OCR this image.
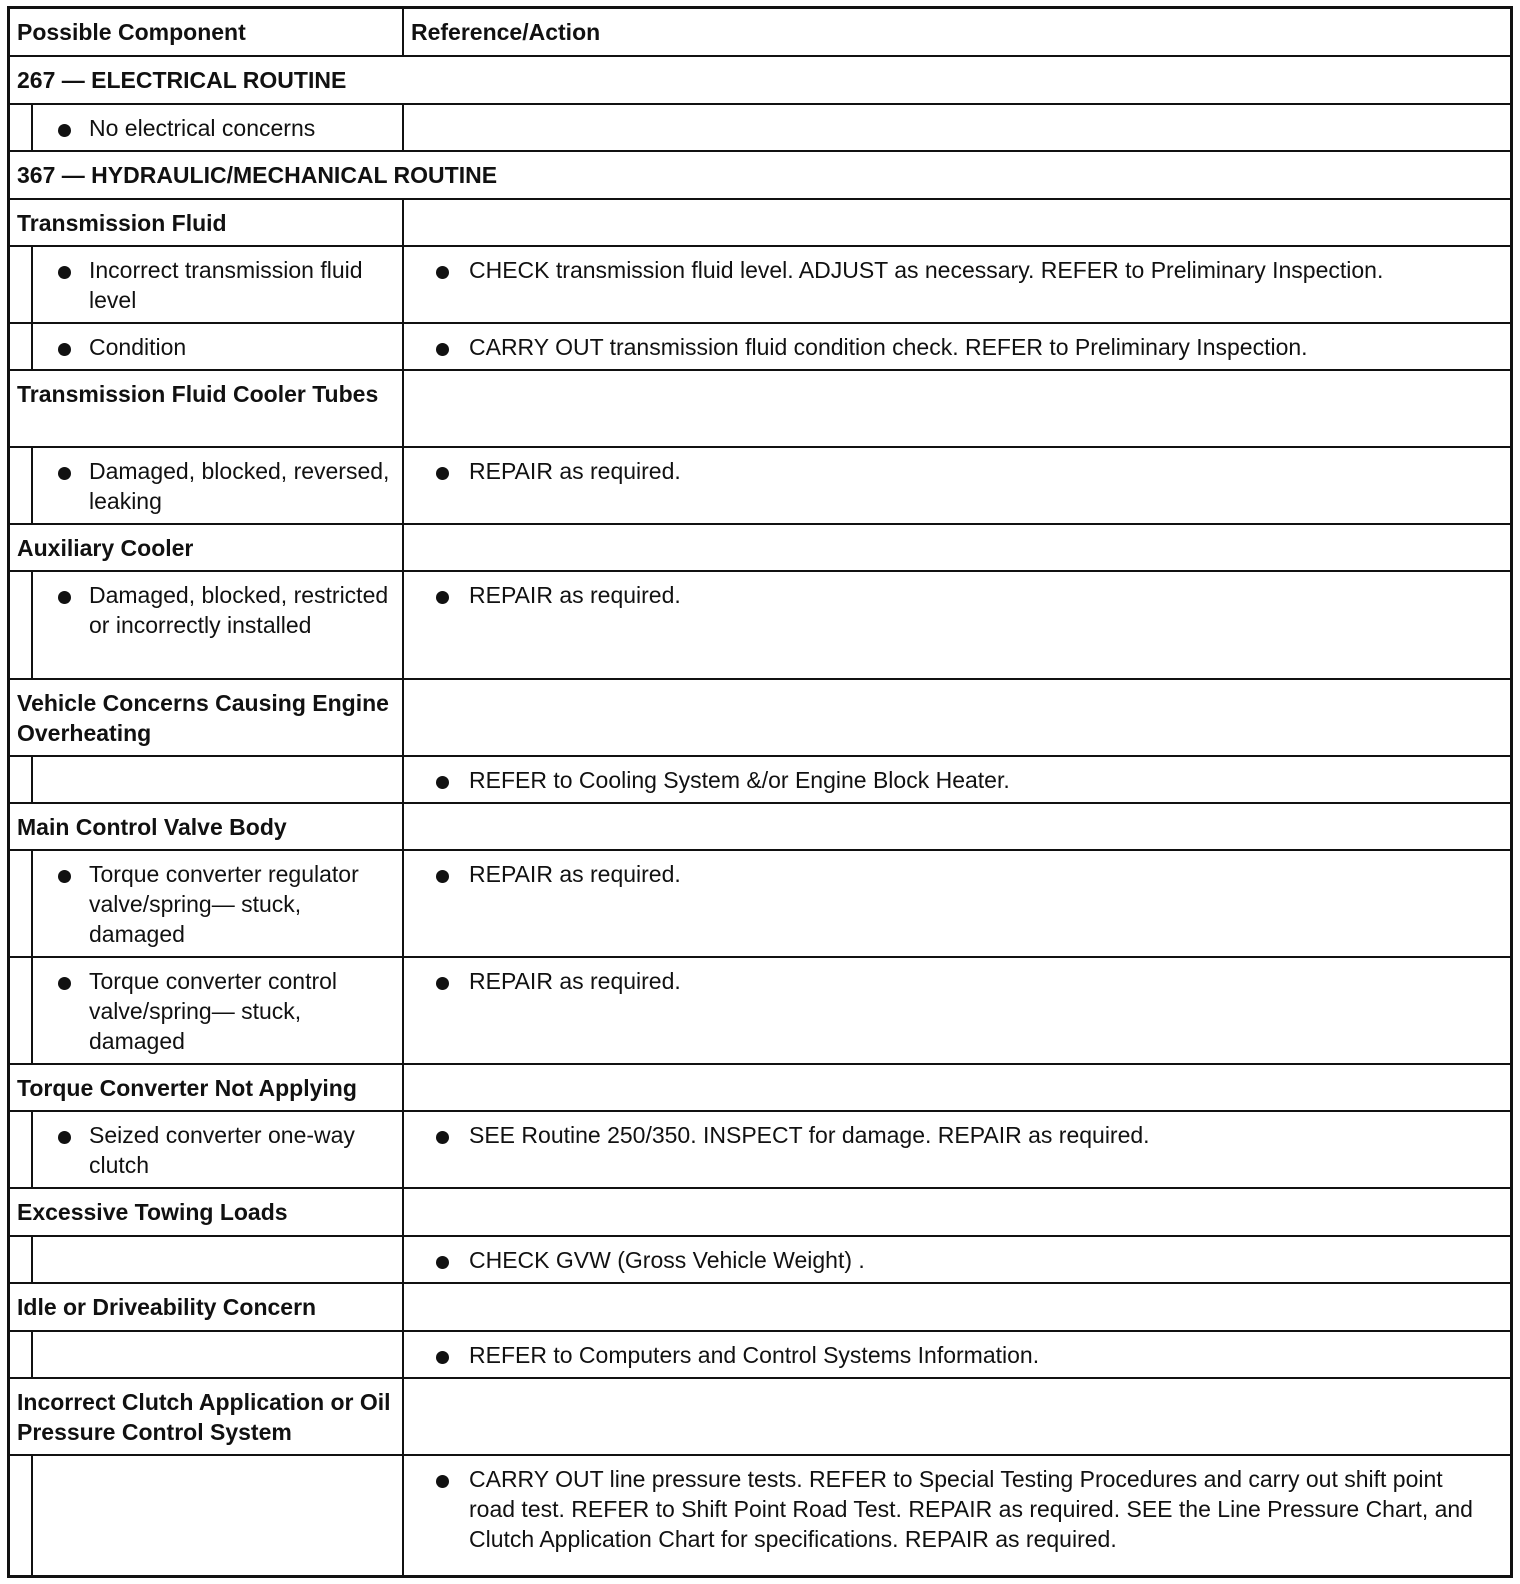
Possible Component	Reference/Action
267 — ELECTRICAL ROUTINE
No electrical concerns
367 — HYDRAULIC/MECHANICAL ROUTINE
Transmission Fluid
Incorrect transmission fluid level
CHECK transmission fluid level. ADJUST as necessary. REFER to Preliminary Inspection.
Condition	CARRY OUT transmission fluid condition check. REFER to Preliminary Inspection.
Transmission Fluid Cooler Tubes
Damaged, blocked, reversed, leaking
REPAIR as required.
Auxiliary Cooler
Damaged, blocked, restricted or incorrectly installed
REPAIR as required.
Vehicle Concerns Causing Engine Overheating
REFER to Cooling System &/or Engine Block Heater.
Main Control Valve Body
Torque converter regulator valve/spring— stuck, damaged
REPAIR as required.
Torque converter control valve/spring— stuck, damaged
REPAIR as required.
Torque Converter Not Applying
Seized converter one-way clutch
SEE Routine 250/350. INSPECT for damage. REPAIR as required.
Excessive Towing Loads
CHECK GVW (Gross Vehicle Weight) .
Idle or Driveability Concern
REFER to Computers and Control Systems Information.
Incorrect Clutch Application or Oil Pressure Control System
CARRY OUT line pressure tests. REFER to Special Testing Procedures and carry out shift point road test. REFER to Shift Point Road Test. REPAIR as required. SEE the Line Pressure Chart, and Clutch Application Chart for specifications. REPAIR as required.
